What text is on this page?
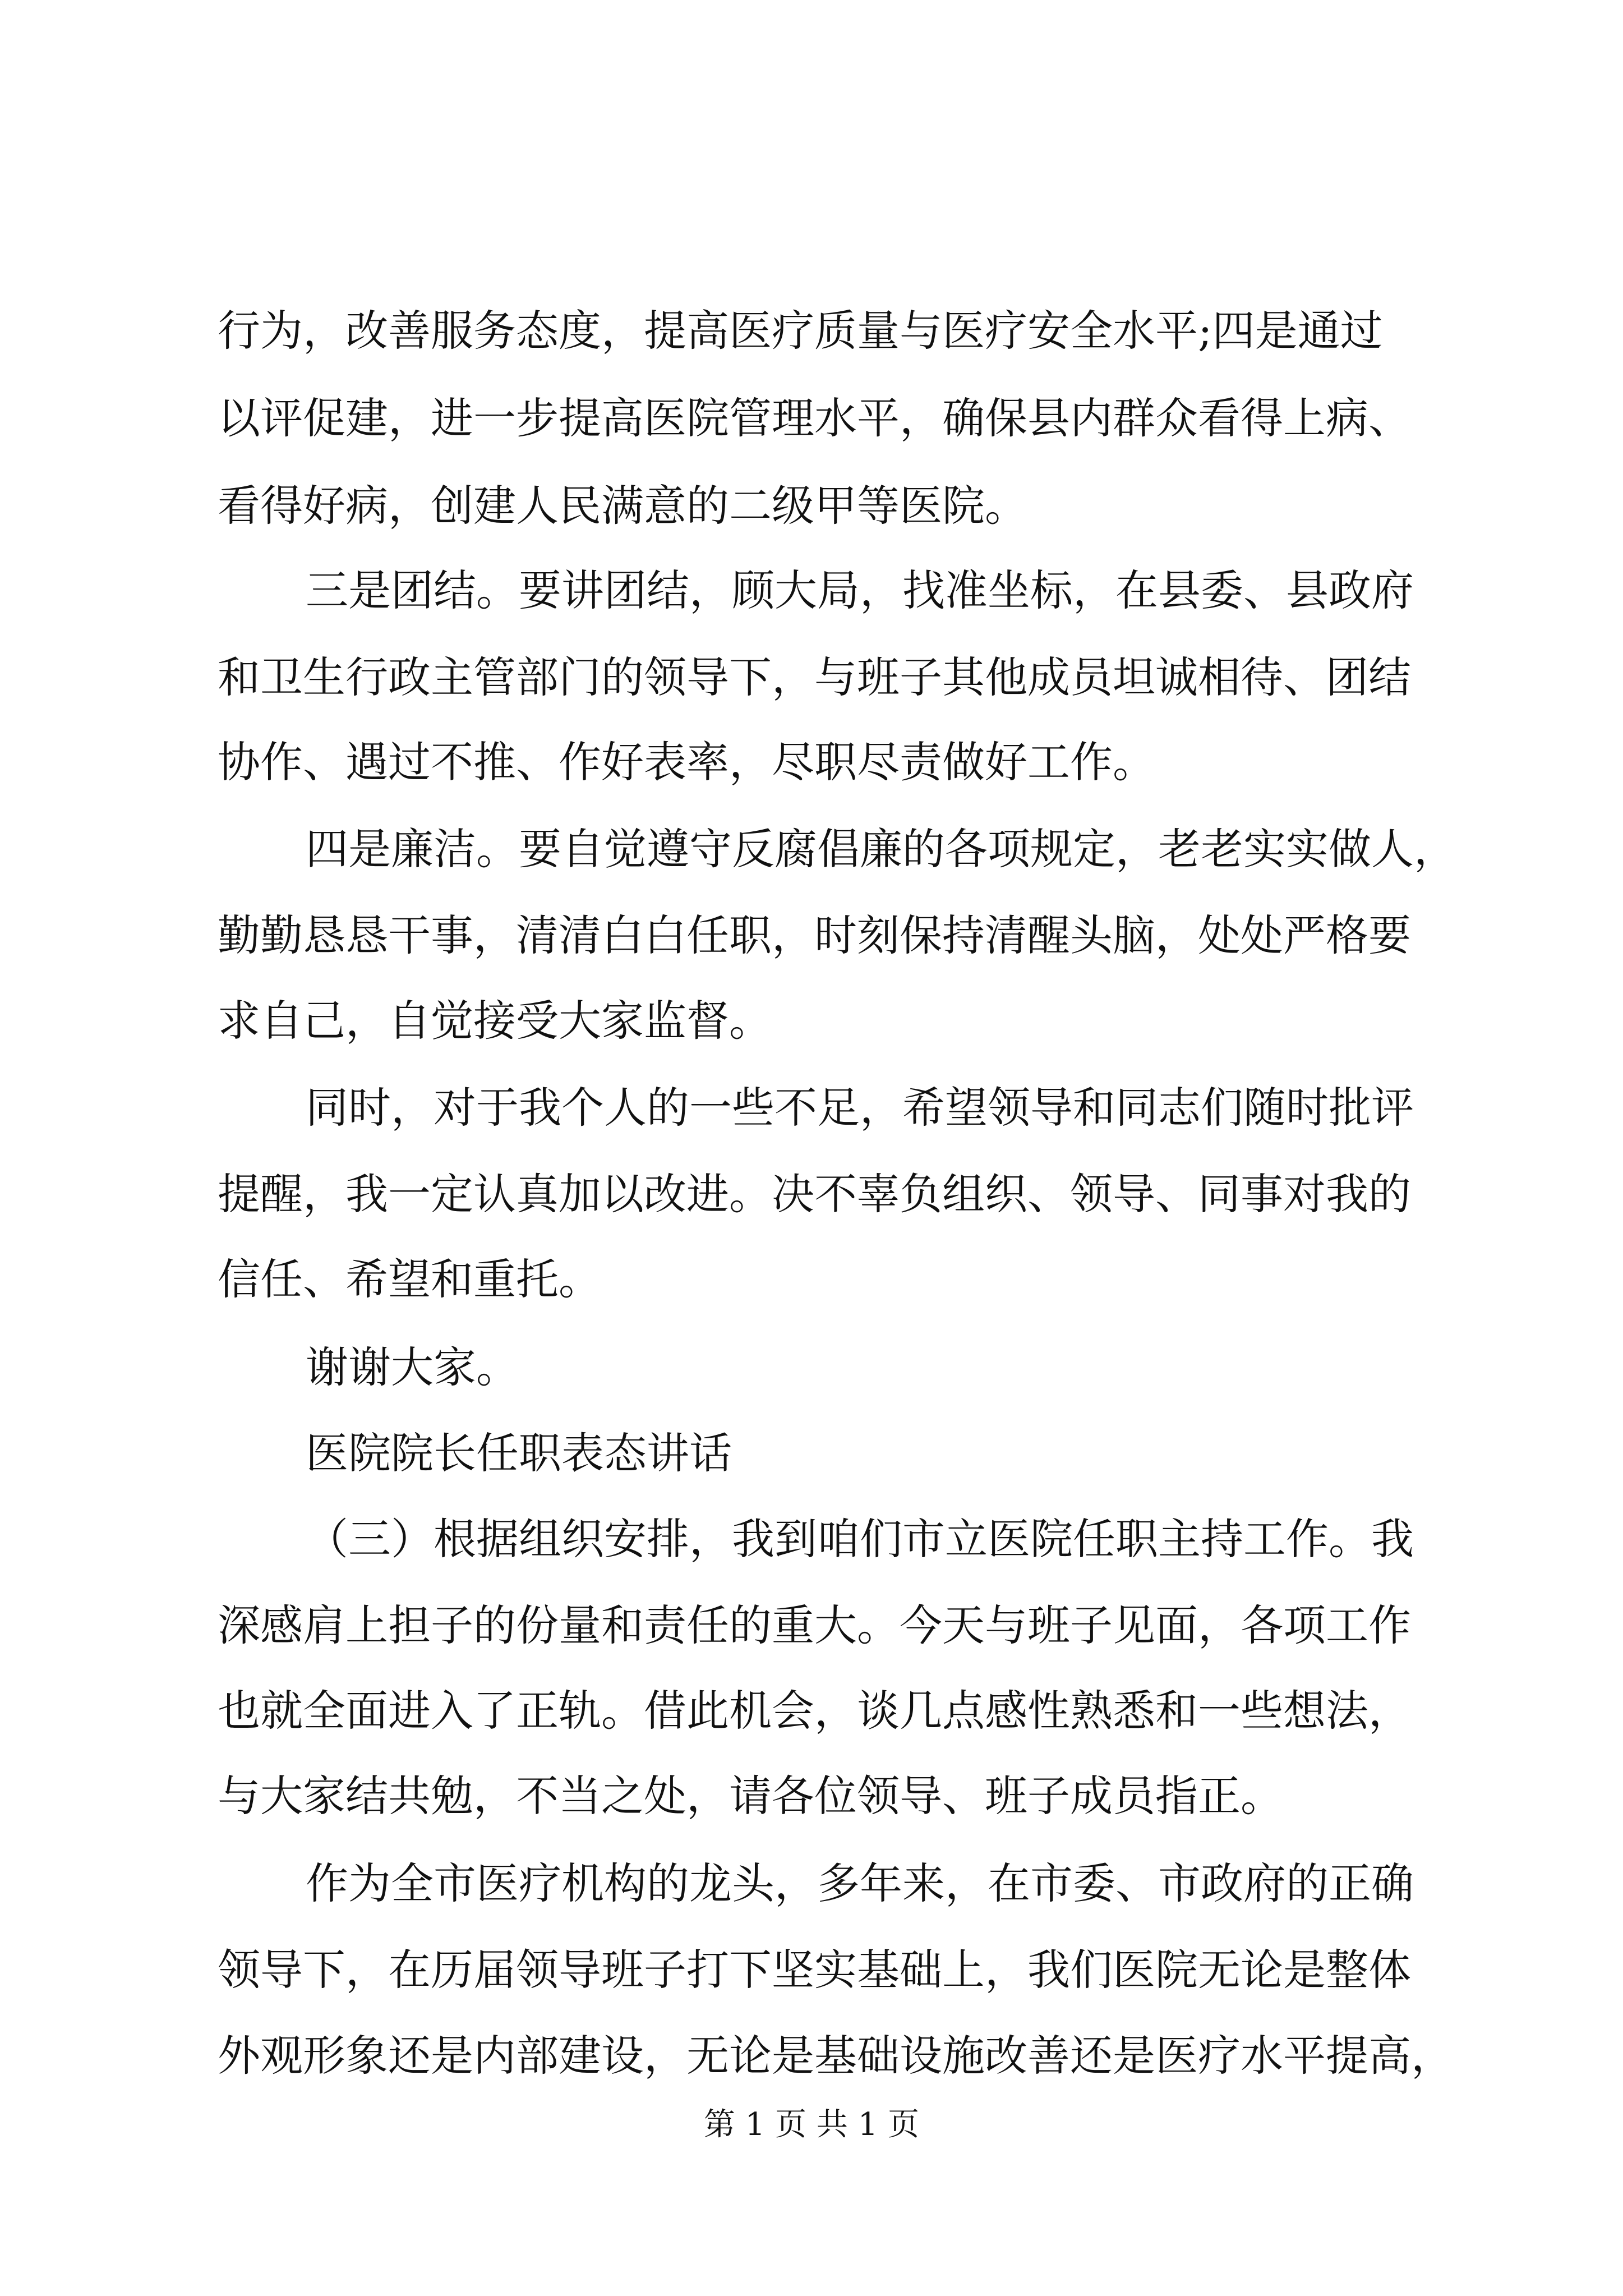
行为，改善服务态度，提高医疗质量与医疗安全水平;四是通过

以评促建，进一步提高医院管理水平，确保县内群众看得上病、

看得好病，创建人民满意的二级甲等医院。

三是团结。要讲团结，顾大局，找准坐标，在县委、县政府

和卫生行政主管部门的领导下，与班子其他成员坦诚相待、团结

协作、遇过不推、作好表率，尽职尽责做好工作。

四是廉洁。要自觉遵守反腐倡廉的各项规定，老老实实做人，

勤勤恳恳干事，清清白白任职，时刻保持清醒头脑，处处严格要

求自己，自觉接受大家监督。

同时，对于我个人的一些不足，希望领导和同志们随时批评

提醒，我一定认真加以改进。决不辜负组织、领导、同事对我的

信任、希望和重托。

谢谢大家。

医院院长任职表态讲话

（三）根据组织安排，我到咱们市立医院任职主持工作。我

深感肩上担子的份量和责任的重大。今天与班子见面，各项工作

也就全面进入了正轨。借此机会，谈几点感性熟悉和一些想法，

与大家结共勉，不当之处，请各位领导、班子成员指正。

作为全市医疗机构的龙头，多年来，在市委、市政府的正确

领导下，在历届领导班子打下坚实基础上，我们医院无论是整体

外观形象还是内部建设，无论是基础设施改善还是医疗水平提高，

第 1 页 共 1 页
